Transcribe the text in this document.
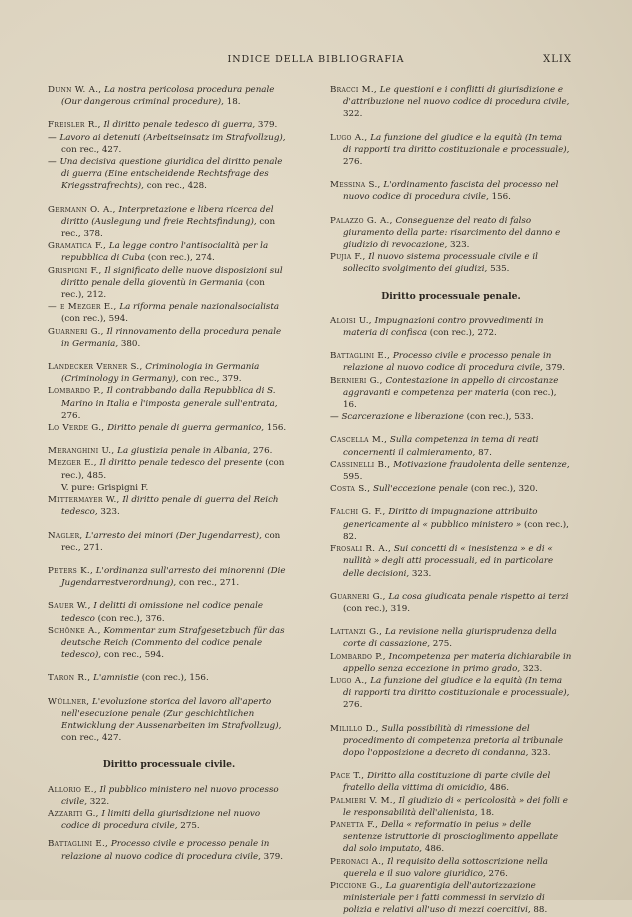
INDICE DELLA BIBLIOGRAFIA	XLIX

Dunn W. A., La nostra pericolosa procedura penale (Our dangerous criminal procedure), 18.

Freisler R., Il diritto penale tedesco di guerra, 379.

— Lavoro ai detenuti (Arbeitseinsatz im Strafvollzug), con rec., 427.

— Una decisiva questione giuridica del diritto penale di guerra (Eine entscheidende Rechtsfrage des Kriegsstrafrechts), con rec., 428.

Germann O. A., Interpretazione e libera ricerca del diritto (Auslegung und freie Rechtsfindung), con rec., 378.

Gramatica F., La legge contro l'antisocialità per la repubblica di Cuba (con rec.), 274.

Grispigni F., Il significato delle nuove disposizioni sul diritto penale della gioventù in Germania (con rec.), 212.

— e Mezger E., La riforma penale nazionalsocialista (con rec.), 594.

Guarneri G., Il rinnovamento della procedura penale in Germania, 380.

Landecker Verner S., Criminologia in Germania (Criminology in Germany), con rec., 379.

Lombardo P., Il contrabbando dalla Repubblica di S. Marino in Italia e l'imposta generale sull'entrata, 276.

Lo Verde G., Diritto penale di guerra germanico, 156.

Meranghini U., La giustizia penale in Albania, 276.

Mezger E., Il diritto penale tedesco del presente (con rec.), 485.

V. pure: Grispigni F.

Mittermayer W., Il diritto penale di guerra del Reich tedesco, 323.

Nagler, L'arresto dei minori (Der Jugendarrest), con rec., 271.

Peters K., L'ordinanza sull'arresto dei minorenni (Die Jugendarrestverordnung), con rec., 271.

Sauer W., I delitti di omissione nel codice penale tedesco (con rec.), 376.

Schönke A., Kommentar zum Strafgesetzbuch für das deutsche Reich (Commento del codice penale tedesco), con rec., 594.

Taron R., L'amnistie (con rec.), 156.

Wüllner, L'evoluzione storica del lavoro all'aperto nell'esecuzione penale (Zur geschichtlichen Entwicklung der Aussenarbeiten im Strafvollzug), con rec., 427.

Diritto processuale civile.

Allorio E., Il pubblico ministero nel nuovo processo civile, 322.

Azzariti G., I limiti della giurisdizione nel nuovo codice di procedura civile, 275.

Battaglini E., Processo civile e processo penale in relazione al nuovo codice di procedura civile, 379.

Bracci M., Le questioni e i conflitti di giurisdizione e d'attribuzione nel nuovo codice di procedura civile, 322.

Lugo A., La funzione del giudice e la equità (In tema di rapporti tra diritto costituzionale e processuale), 276.

Messina S., L'ordinamento fascista del processo nel nuovo codice di procedura civile, 156.

Palazzo G. A., Conseguenze del reato di falso giuramento della parte: risarcimento del danno e giudizio di revocazione, 323.

Pujia F., Il nuovo sistema processuale civile e il sollecito svolgimento dei giudizi, 535.

Diritto processuale penale.

Aloisi U., Impugnazioni contro provvedimenti in materia di confisca (con rec.), 272.

Battaglini E., Processo civile e processo penale in relazione al nuovo codice di procedura civile, 379.

Bernieri G., Contestazione in appello di circostanze aggravanti e competenza per materia (con rec.), 16.

— Scarcerazione e liberazione (con rec.), 533.

Cascella M., Sulla competenza in tema di reati concernenti il calmieramento, 87.

Cassinelli B., Motivazione fraudolenta delle sentenze, 595.

Costa S., Sull'eccezione penale (con rec.), 320.

Falchi G. F., Diritto di impugnazione attribuito genericamente al « pubblico ministero » (con rec.), 82.

Frosali R. A., Sui concetti di « inesistenza » e di « nullità » degli atti processuali, ed in particolare delle decisioni, 323.

Guarneri G., La cosa giudicata penale rispetto ai terzi (con rec.), 319.

Lattanzi G., La revisione nella giurisprudenza della corte di cassazione, 275.

Lombardo P., Incompetenza per materia dichiarabile in appello senza eccezione in primo grado, 323.

Lugo A., La funzione del giudice e la equità (In tema di rapporti tra diritto costituzionale e processuale), 276.

Milillo D., Sulla possibilità di rimessione del procedimento di competenza pretoria al tribunale dopo l'opposizione a decreto di condanna, 323.

Pace T., Diritto alla costituzione di parte civile del fratello della vittima di omicidio, 486.

Palmieri V. M., Il giudizio di « pericolosità » dei folli e le responsabilità dell'alienista, 18.

Panetta F., Della « reformatio in peius » delle sentenze istruttorie di proscioglimento appellate dal solo imputato, 486.

Peronaci A., Il requisito della sottoscrizione nella querela e il suo valore giuridico, 276.

Piccione G., La guarentigia dell'autorizzazione ministeriale per i fatti commessi in servizio di polizia e relativi all'uso di mezzi coercitivi, 88.
